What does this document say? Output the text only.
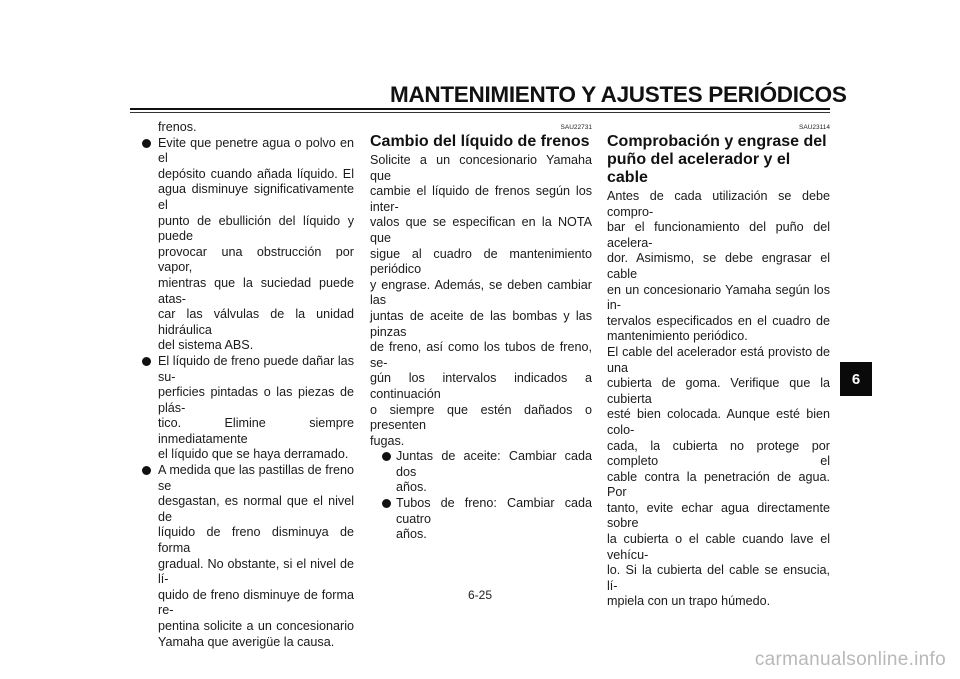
MANTENIMIENTO Y AJUSTES PERIÓDICOS

frenos.

Evite que penetre agua o polvo en el

depósito cuando añada líquido. El

agua disminuye significativamente el

punto de ebullición del líquido y puede

provocar una obstrucción por vapor,

mientras que la suciedad puede atas-

car las válvulas de la unidad hidráulica

del sistema ABS.

El líquido de freno puede dañar las su-

perficies pintadas o las piezas de plás-

tico. Elimine siempre inmediatamente

el líquido que se haya derramado.

A medida que las pastillas de freno se

desgastan, es normal que el nivel de

líquido de freno disminuya de forma

gradual. No obstante, si el nivel de lí-

quido de freno disminuye de forma re-

pentina solicite a un concesionario

Yamaha que averigüe la causa.

SAU22731

Cambio del líquido de frenos

Solicite a un concesionario Yamaha que

cambie el líquido de frenos según los inter-

valos que se especifican en la NOTA que

sigue al cuadro de mantenimiento periódico

y engrase. Además, se deben cambiar las

juntas de aceite de las bombas y las pinzas

de freno, así como los tubos de freno, se-

gún los intervalos indicados a continuación

o siempre que estén dañados o presenten

fugas.

Juntas de aceite: Cambiar cada dos

años.

Tubos de freno: Cambiar cada cuatro

años.

SAU23114

Comprobación y engrase del

puño del acelerador y el cable

Antes de cada utilización se debe compro-

bar el funcionamiento del puño del acelera-

dor. Asimismo, se debe engrasar el cable

en un concesionario Yamaha según los in-

tervalos especificados en el cuadro de

mantenimiento periódico.

El cable del acelerador está provisto de una

cubierta de goma. Verifique que la cubierta

esté bien colocada. Aunque esté bien colo-

cada, la cubierta no protege por completo el

cable contra la penetración de agua. Por

tanto, evite echar agua directamente sobre

la cubierta o el cable cuando lave el vehícu-

lo. Si la cubierta del cable se ensucia, lí-

mpiela con un trapo húmedo.

6-25
6
carmanualsonline.info
